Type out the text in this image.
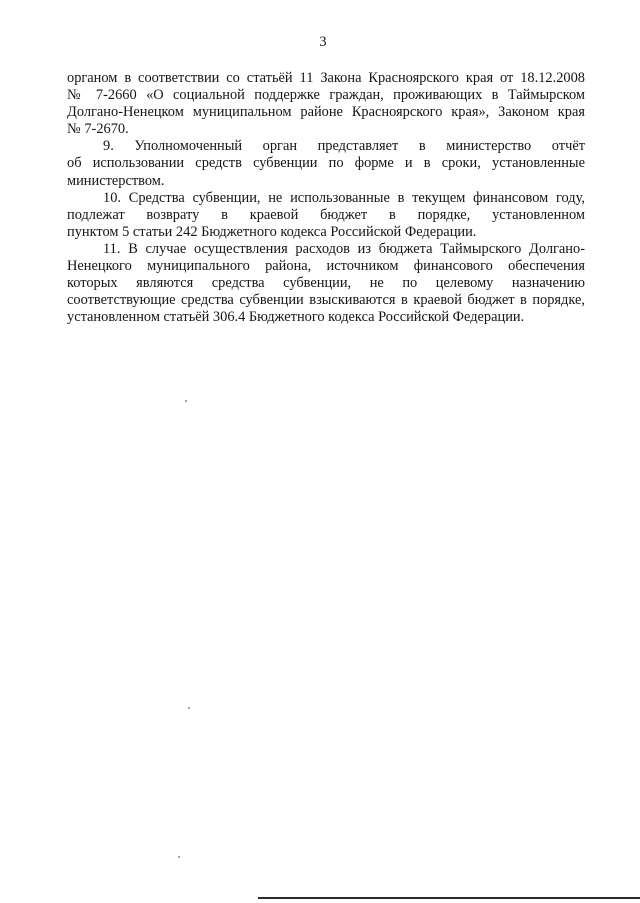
3
органом в соответствии со статьёй 11 Закона Красноярского края от 18.12.2008
№ 7-2660 «О социальной поддержке граждан, проживающих в Таймырском
Долгано-Ненецком муниципальном районе Красноярского края», Законом края
№ 7-2670.
9. Уполномоченный орган представляет в министерство отчёт
об использовании средств субвенции по форме и в сроки, установленные
министерством.
10. Средства субвенции, не использованные в текущем финансовом году,
подлежат возврату в краевой бюджет в порядке, установленном
пунктом 5 статьи 242 Бюджетного кодекса Российской Федерации.
11. В случае осуществления расходов из бюджета Таймырского Долгано-
Ненецкого муниципального района, источником финансового обеспечения
которых являются средства субвенции, не по целевому назначению
соответствующие средства субвенции взыскиваются в краевой бюджет в порядке,
установленном статьёй 306.4 Бюджетного кодекса Российской Федерации.
